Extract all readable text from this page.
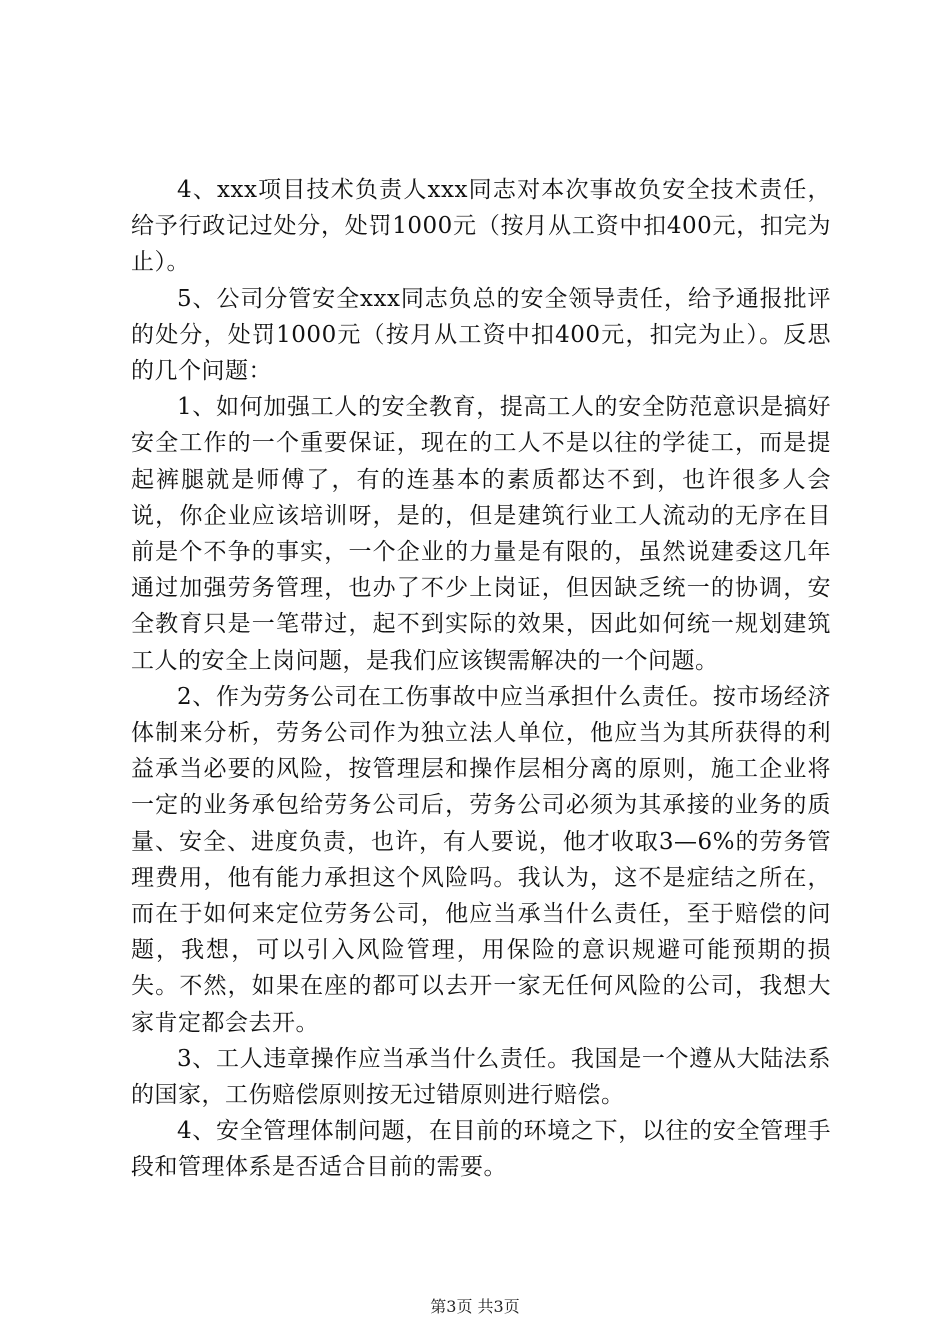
4、xxx项目技术负责人xxx同志对本次事故负安全技术责任，给予行政记过处分，处罚1000元（按月从工资中扣400元，扣完为止）。

5、公司分管安全xxx同志负总的安全领导责任，给予通报批评的处分，处罚1000元（按月从工资中扣400元，扣完为止）。反思的几个问题：

1、如何加强工人的安全教育，提高工人的安全防范意识是搞好安全工作的一个重要保证，现在的工人不是以往的学徒工，而是提起裤腿就是师傅了，有的连基本的素质都达不到，也许很多人会说，你企业应该培训呀，是的，但是建筑行业工人流动的无序在目前是个不争的事实，一个企业的力量是有限的，虽然说建委这几年通过加强劳务管理，也办了不少上岗证，但因缺乏统一的协调，安全教育只是一笔带过，起不到实际的效果，因此如何统一规划建筑工人的安全上岗问题，是我们应该锲需解决的一个问题。

2、作为劳务公司在工伤事故中应当承担什么责任。按市场经济体制来分析，劳务公司作为独立法人单位，他应当为其所获得的利益承当必要的风险，按管理层和操作层相分离的原则，施工企业将一定的业务承包给劳务公司后，劳务公司必须为其承接的业务的质量、安全、进度负责，也许，有人要说，他才收取3—6%的劳务管理费用，他有能力承担这个风险吗。我认为，这不是症结之所在，而在于如何来定位劳务公司，他应当承当什么责任，至于赔偿的问题，我想，可以引入风险管理，用保险的意识规避可能预期的损失。不然，如果在座的都可以去开一家无任何风险的公司，我想大家肯定都会去开。

3、工人违章操作应当承当什么责任。我国是一个遵从大陆法系的国家，工伤赔偿原则按无过错原则进行赔偿。

4、安全管理体制问题，在目前的环境之下，以往的安全管理手段和管理体系是否适合目前的需要。

第3页 共3页
